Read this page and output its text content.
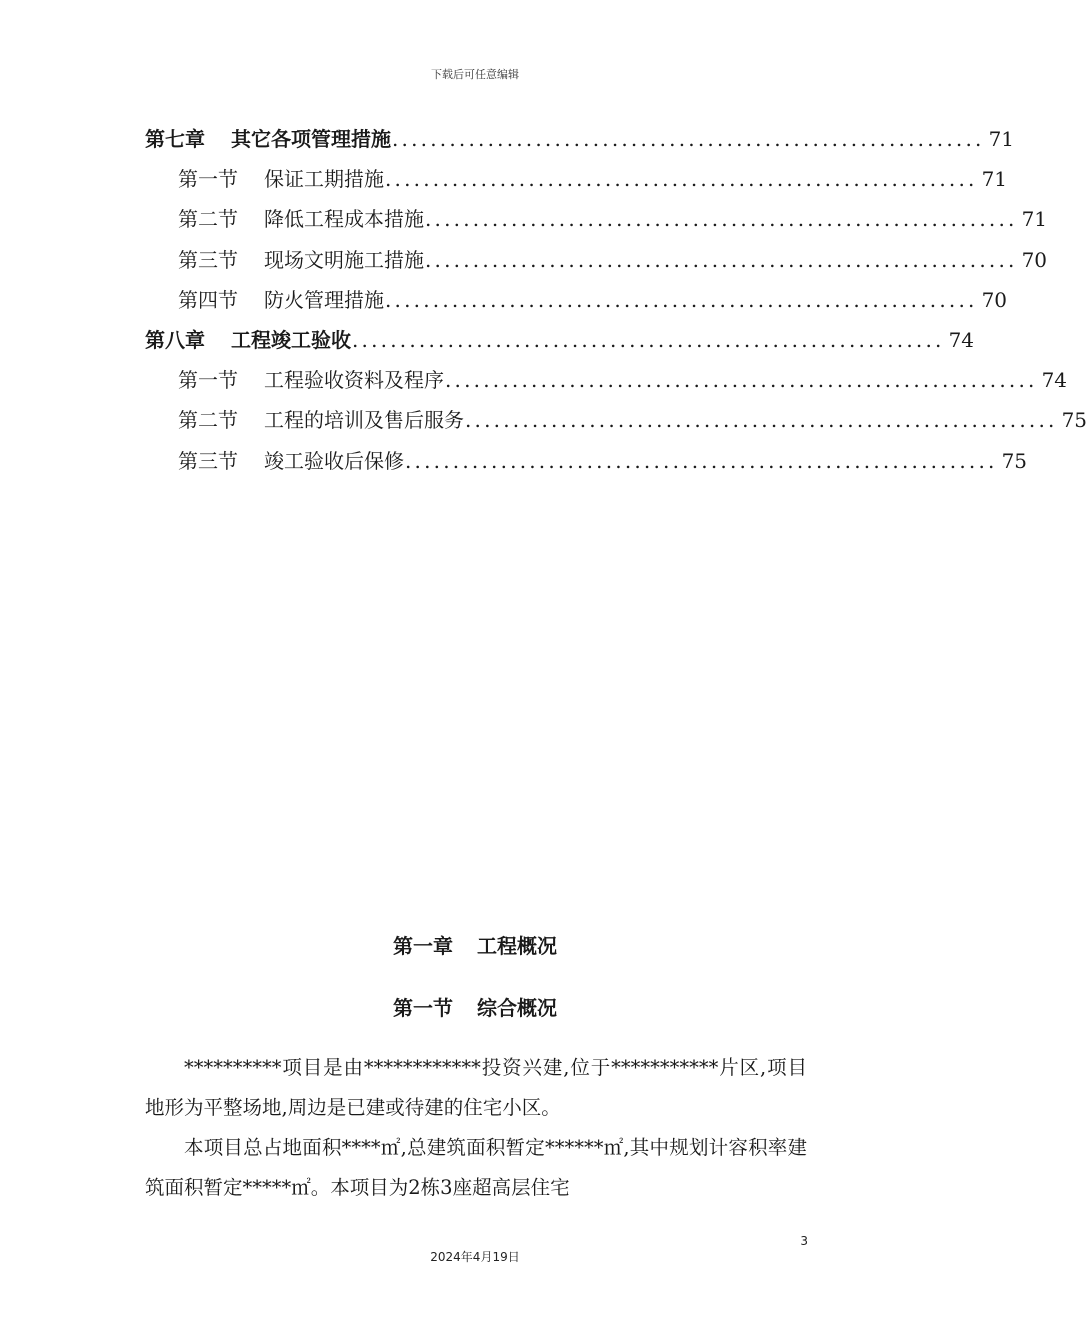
下载后可任意编辑
第七章 其它各项管理措施 .............................................................. 71
第一节 保证工期措施 .............................................................. 71
第二节 降低工程成本措施 .............................................................. 71
第三节 现场文明施工措施 .............................................................. 70
第四节 防火管理措施 .............................................................. 70
第八章 工程竣工验收 .............................................................. 74
第一节 工程验收资料及程序 .............................................................. 74
第二节 工程的培训及售后服务 .............................................................. 75
第三节 竣工验收后保修 .............................................................. 75
第一章 工程概况
第一节 综合概况

**********项目是由************投资兴建,位于***********片区,项目地形为平整场地,周边是已建或待建的住宅小区。

本项目总占地面积****㎡,总建筑面积暂定******㎡,其中规划计容积率建筑面积暂定*****㎡。本项目为2栋3座超高层住宅

3
2024年4月19日
